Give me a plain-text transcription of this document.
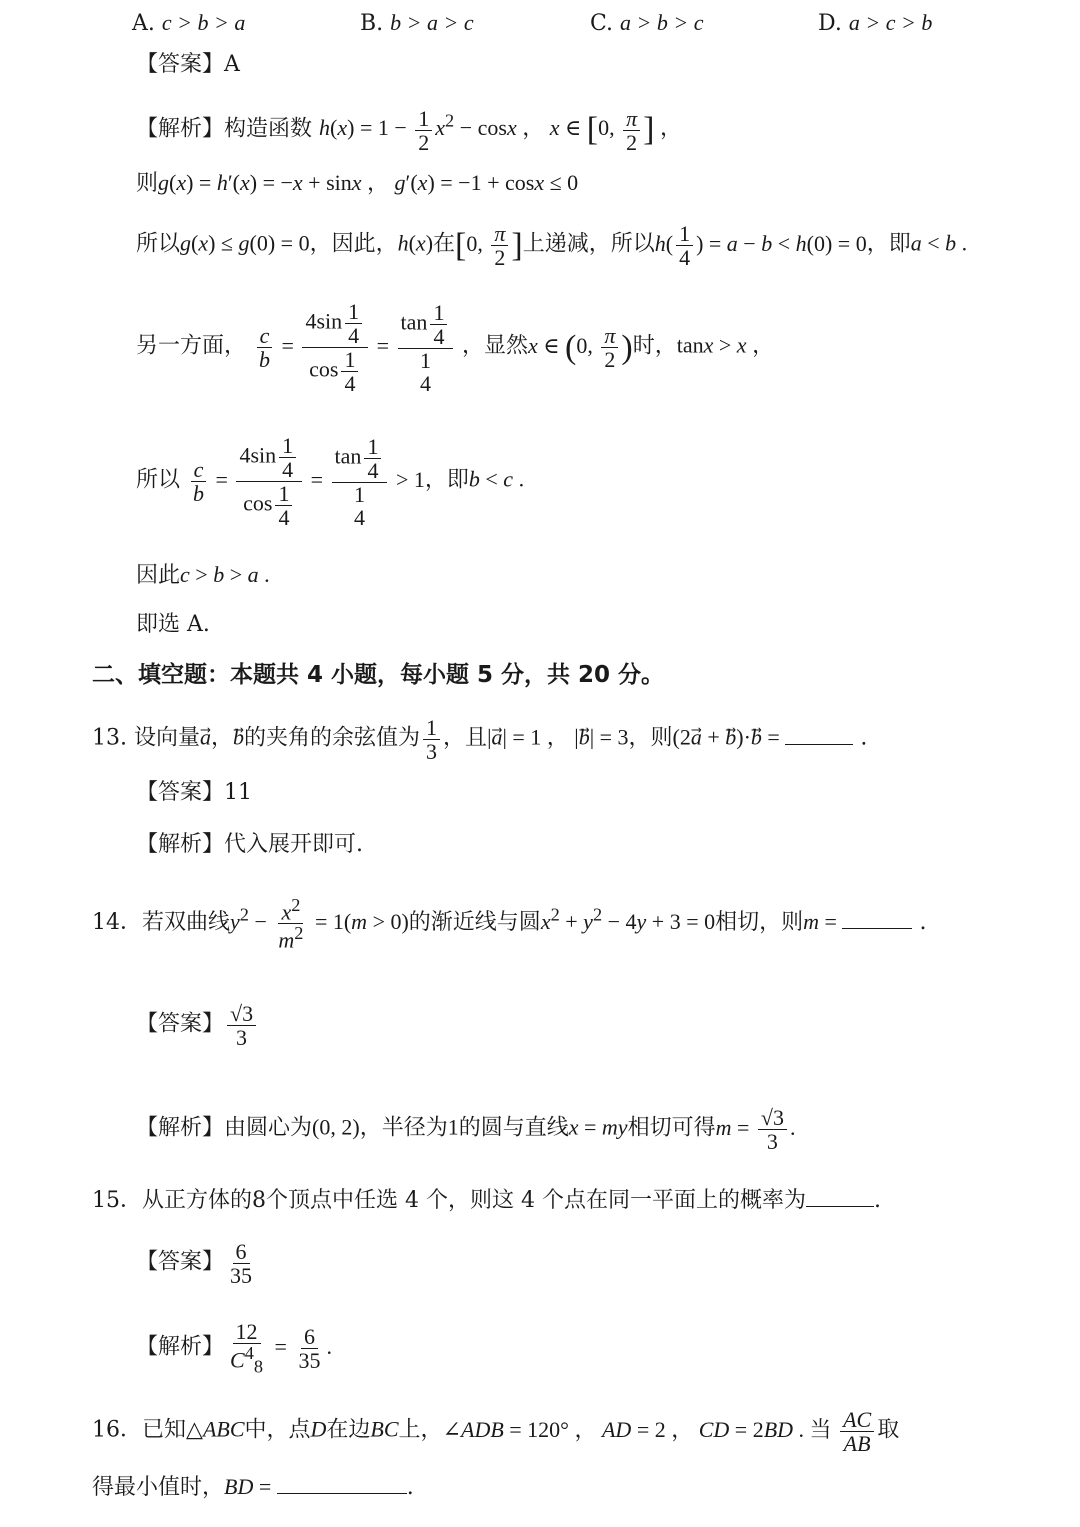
A. c > b > a	B. b > a > c	C. a > b > c	D. a > c > b
【答案】A
【解析】构造函数 $h(x) = 1 - \frac{1}{2} x^2 - \cos x$ ， x ∈ [0, $\frac{\pi}{2}$ ] ，
则g(x) = h′(x) = −x + sinx ， g′(x) = −1 + cosx ≤ 0
所以g(x) ≤ g(0) = 0，因此，h(x)在[0, $\frac{\pi}{2}$ ]上递减，所以$h( \frac{1}{4}$ ) = a − b < h(0) = 0，即a < b .
另一方面， $\frac{c}{b} = \frac{4\sin \frac{1}{4}}{\cos \frac{1}{4}}$ =
$\tan \frac{1}{4}$
1
4
，显然x ∈ (0, $\frac{\pi}{2}$ )时，tanx > x ，
所以 $\frac{c}{b} = \frac{4\sin \frac{1}{4}}{\cos \frac{1}{4}}$ =
$\tan \frac{1}{4}$
1
4
> 1，即b < c .
因此c > b > a .
即选 A.
二、填空题：本题共 4 小题，每小题 5 分，共 20 分。
13. 设向量a，b的夹角的余弦值为 $\frac{1}{3}$ ，且|a⃗| = 1 ， |b⃗| = 3，则(2a⃗ + b⃗)·b⃗ =	.
【答案】11
【解析】代入展开即可.
14．若双曲线$y^2 - \frac{x^2}{m^2} = 1(m > 0)$的渐近线与圆$x^2 + y^2 - 4y + 3 = 0$相切，则m =	.
【答案】 $\frac{√3}{3}$
【解析】由圆心为(0, 2)，半径为1的圆与直线x = my相切可得$m = \frac{√3}{3}$ .
15．从正方体的8个顶点中任选 4 个，则这 4 个点在同一平面上的概率为	.
【答案】 $\frac{6}{35}$
【解析】 $\frac{12}{C^4_8} = \frac{6}{35}$ .
16．已知△ABC中，点D在边BC上，∠ADB = 120° ， AD = 2 ， CD = 2BD . 当 $\frac{AC}{AB}$ 取
得最小值时，BD =	.
